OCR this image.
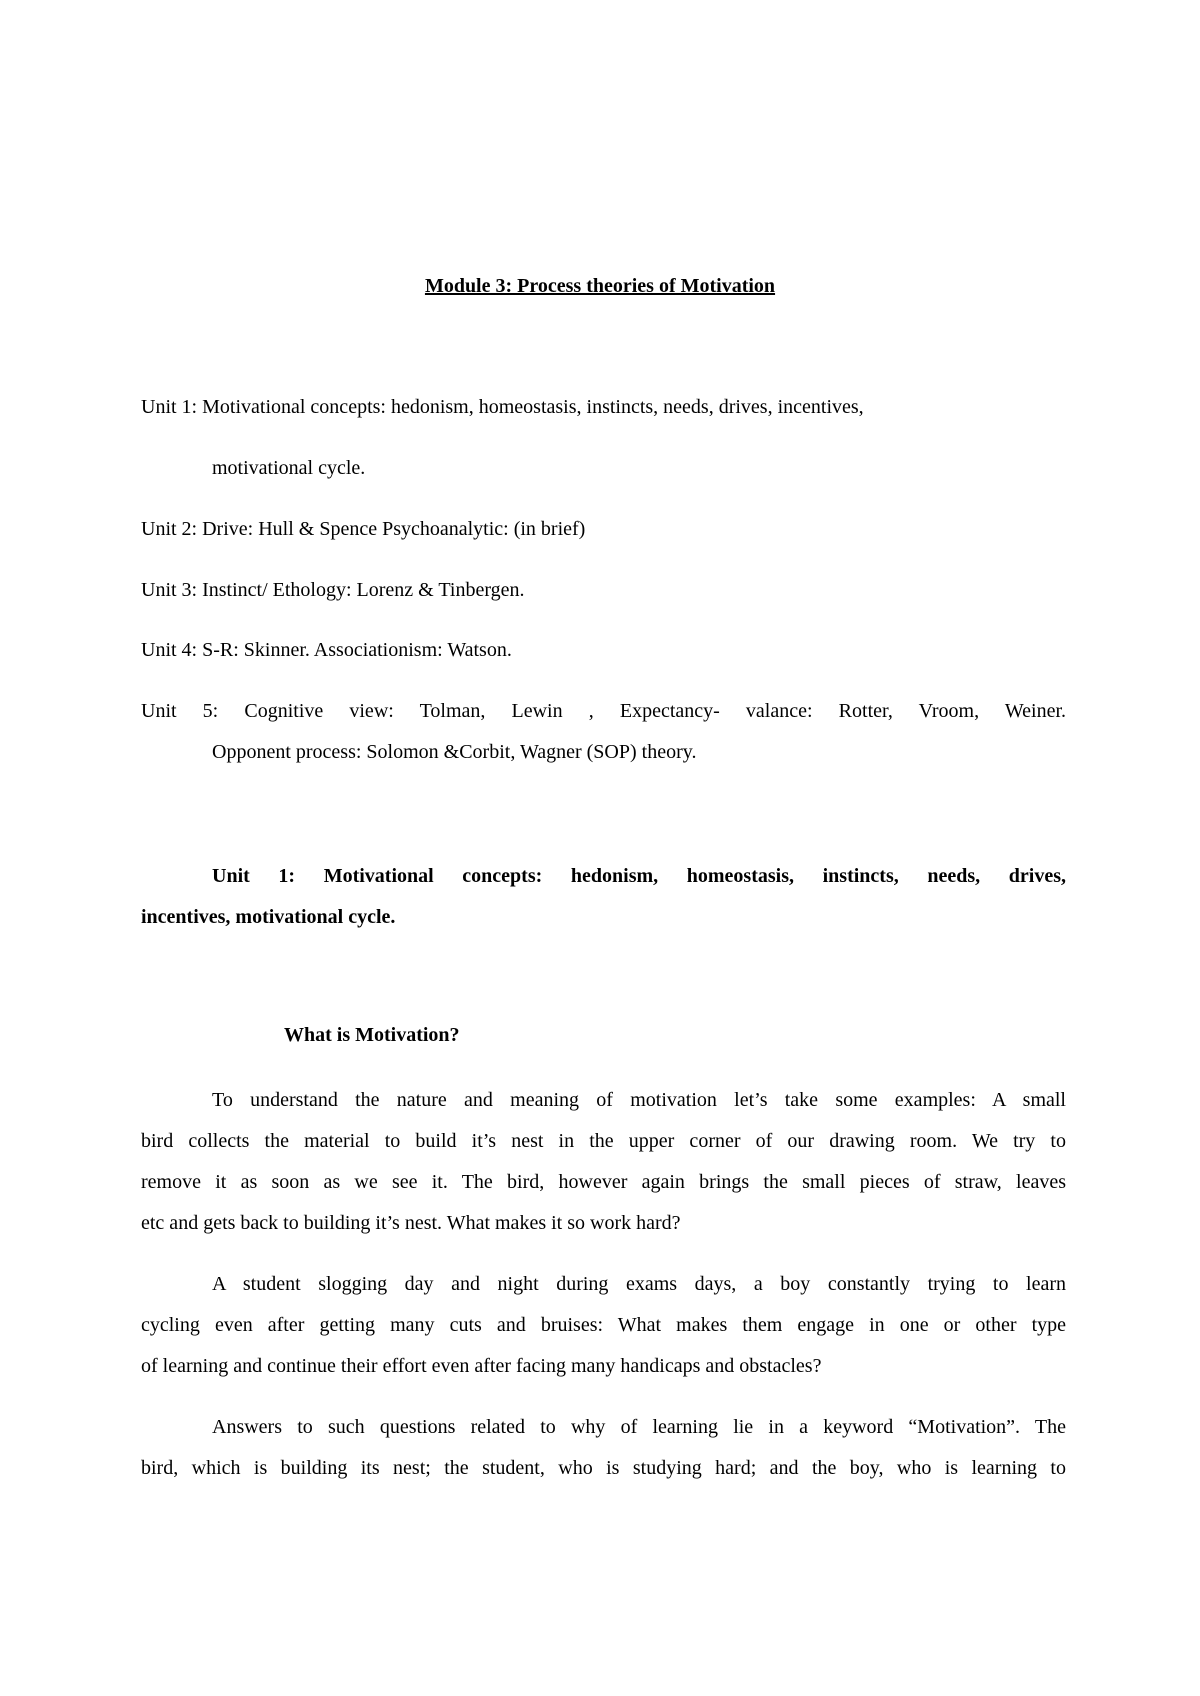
Module 3: Process theories of Motivation
Unit 1: Motivational concepts: hedonism, homeostasis, instincts, needs, drives, incentives,
motivational cycle.
Unit 2: Drive: Hull & Spence Psychoanalytic: (in brief)
Unit 3: Instinct/ Ethology: Lorenz & Tinbergen.
Unit 4: S-R: Skinner. Associationism: Watson.
Unit 5: Cognitive view: Tolman, Lewin , Expectancy- valance: Rotter, Vroom, Weiner.
Opponent process: Solomon &Corbit, Wagner (SOP) theory.
Unit 1: Motivational concepts: hedonism, homeostasis, instincts, needs, drives,
incentives, motivational cycle.
What is Motivation?
To understand the nature and meaning of motivation let’s take some examples: A small
bird collects the material to build it’s nest in the upper corner of our drawing room. We try to
remove it as soon as we see it. The bird, however again brings the small pieces of straw, leaves
etc and gets back to building it’s nest. What makes it so work hard?
A student slogging day and night during exams days, a boy constantly trying to learn
cycling even after getting many cuts and bruises: What makes them engage in one or other type
of learning and continue their effort even after facing many handicaps and obstacles?
Answers to such questions related to why of learning lie in a keyword “Motivation”. The
bird, which is building its nest; the student, who is studying hard; and the boy, who is learning to
